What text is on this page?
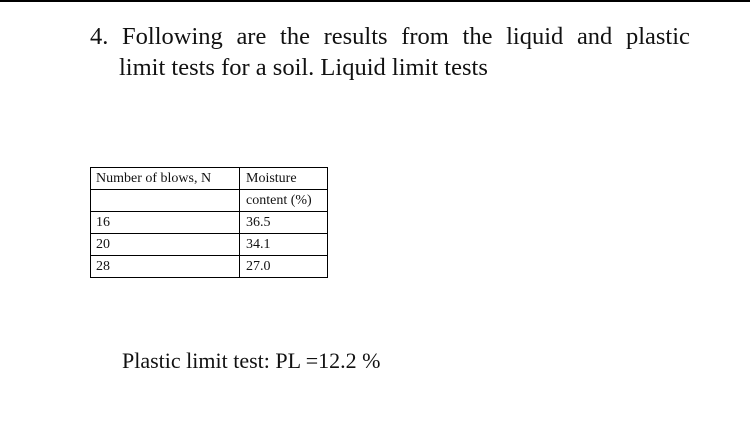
4. Following are the results from the liquid and plastic
limit tests for a soil. Liquid limit tests
Number of blows, N	Moisture
	content (%)
16	36.5
20	34.1
28	27.0
Plastic limit test: PL =12.2 %
